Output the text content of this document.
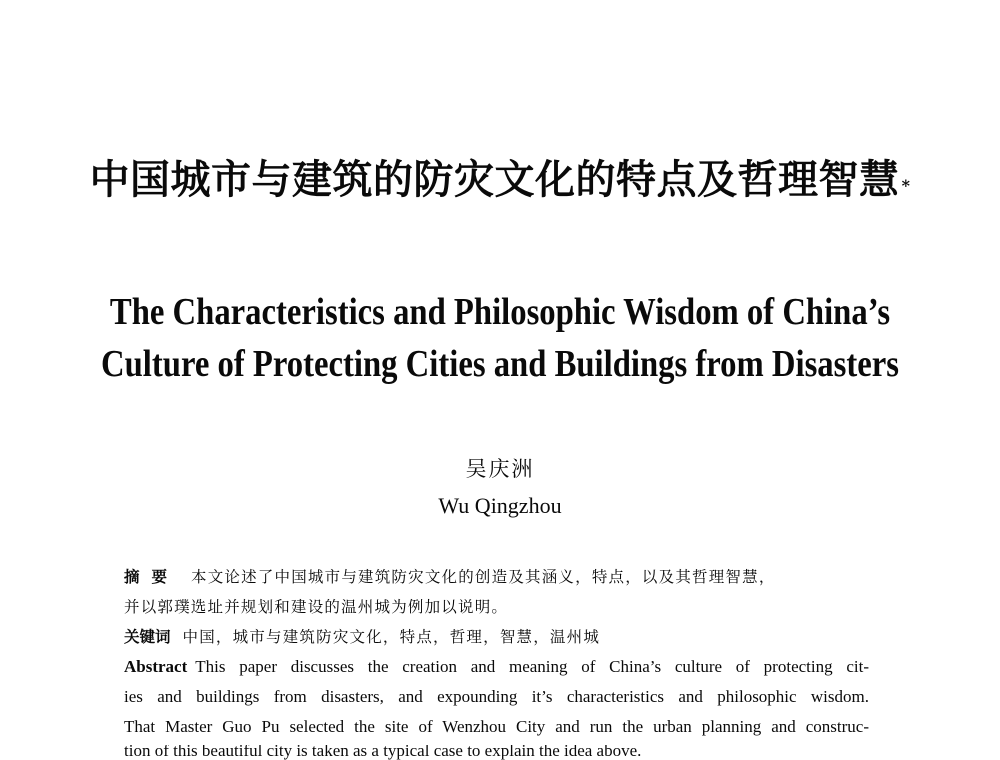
中国城市与建筑的防灾文化的特点及哲理智慧 *
The Characteristics and Philosophic Wisdom of China’s
Culture of Protecting Cities and Buildings from Disasters
吴庆洲
Wu Qingzhou
摘要 本文论述了中国城市与建筑防灾文化的创造及其涵义，特点，以及其哲理智慧，
并以郭璞选址并规划和建设的温州城为例加以说明。
关键词 中国，城市与建筑防灾文化，特点，哲理，智慧，温州城
Abstract This paper discusses the creation and meaning of China’s culture of protecting cit-
ies and buildings from disasters, and expounding it’s characteristics and philosophic wisdom.
That Master Guo Pu selected the site of Wenzhou City and run the urban planning and construc-
tion of this beautiful city is taken as a typical case to explain the idea above.
